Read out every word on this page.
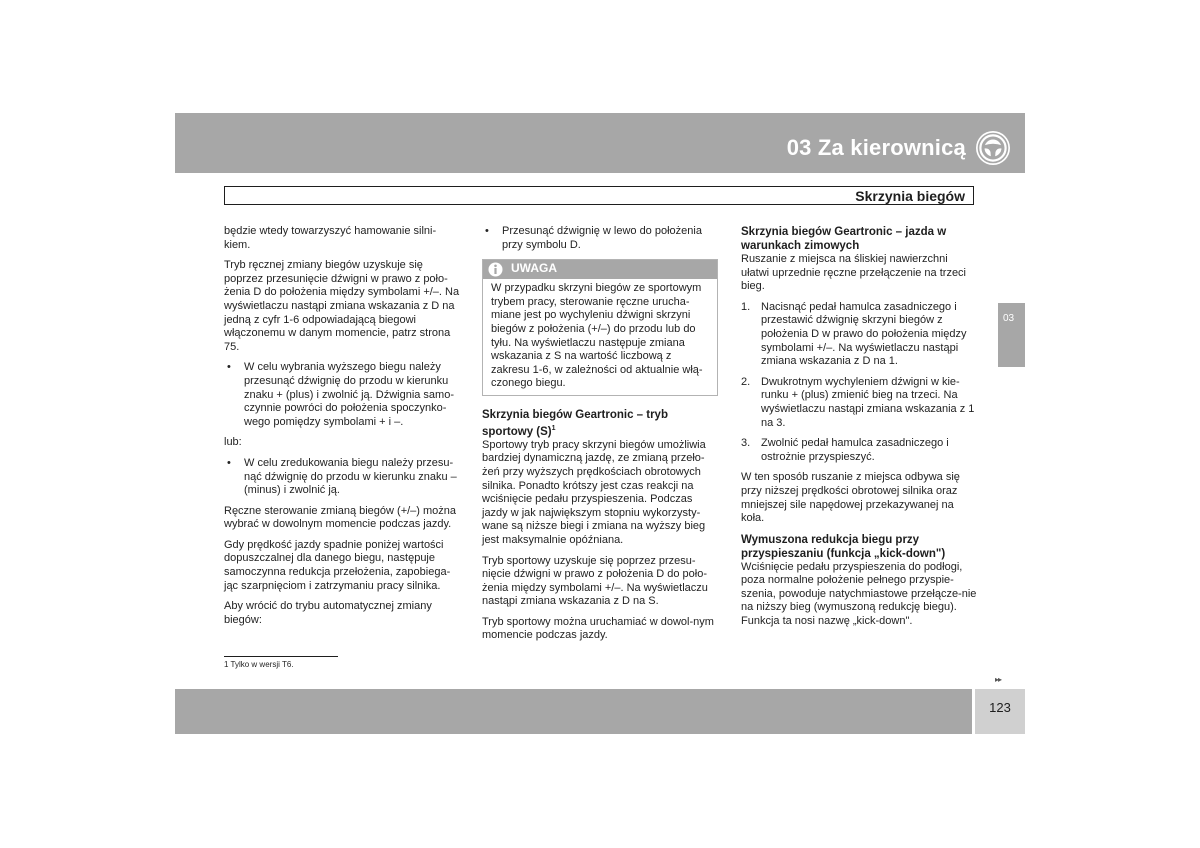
03 Za kierownicą
Skrzynia biegów

będzie wtedy towarzyszyć hamowanie silni-kiem.

Tryb ręcznej zmiany biegów uzyskuje się poprzez przesunięcie dźwigni w prawo z poło-żenia D do położenia między symbolami +/–. Na wyświetlaczu nastąpi zmiana wskazania z D na jedną z cyfr 1-6 odpowiadającą biegowi włączonemu w danym momencie, patrz strona 75.

• W celu wybrania wyższego biegu należy przesunąć dźwignię do przodu w kierunku znaku + (plus) i zwolnić ją. Dźwignia samo-czynnie powróci do położenia spoczynko-wego pomiędzy symbolami + i –.

lub:

• W celu zredukowania biegu należy przesu-nąć dźwignię do przodu w kierunku znaku – (minus) i zwolnić ją.

Ręczne sterowanie zmianą biegów (+/–) można wybrać w dowolnym momencie podczas jazdy.

Gdy prędkość jazdy spadnie poniżej wartości dopuszczalnej dla danego biegu, następuje samoczynna redukcja przełożenia, zapobiega-jąc szarpnięciom i zatrzymaniu pracy silnika.

Aby wrócić do trybu automatycznej zmiany biegów:

• Przesunąć dźwignię w lewo do położenia przy symbolu D.
UWAGA
W przypadku skrzyni biegów ze sportowym trybem pracy, sterowanie ręczne urucha-miane jest po wychyleniu dźwigni skrzyni biegów z położenia (+/–) do przodu lub do tyłu. Na wyświetlaczu następuje zmiana wskazania z S na wartość liczbową z zakresu 1-6, w zależności od aktualnie włą-czonego biegu.
Skrzynia biegów Geartronic – tryb sportowy $(S)^1$

Sportowy tryb pracy skrzyni biegów umożliwia bardziej dynamiczną jazdę, ze zmianą przeło-żeń przy wyższych prędkościach obrotowych silnika. Ponadto krótszy jest czas reakcji na wciśnięcie pedału przyspieszenia. Podczas jazdy w jak największym stopniu wykorzysty-wane są niższe biegi i zmiana na wyższy bieg jest maksymalnie opóźniana.

Tryb sportowy uzyskuje się poprzez przesu-nięcie dźwigni w prawo z położenia D do poło-żenia między symbolami +/–. Na wyświetlaczu nastąpi zmiana wskazania z D na S.

Tryb sportowy można uruchamiać w dowol-nym momencie podczas jazdy.

Skrzynia biegów Geartronic – jazda w warunkach zimowych

Ruszanie z miejsca na śliskiej nawierzchni ułatwi uprzednie ręczne przełączenie na trzeci bieg.

1. Nacisnąć pedał hamulca zasadniczego i przestawić dźwignię skrzyni biegów z położenia D w prawo do położenia między symbolami +/–. Na wyświetlaczu nastąpi zmiana wskazania z D na 1.
2. Dwukrotnym wychyleniem dźwigni w kie-runku + (plus) zmienić bieg na trzeci. Na wyświetlaczu nastąpi zmiana wskazania z 1 na 3.
3. Zwolnić pedał hamulca zasadniczego i ostrożnie przyspieszyć.

W ten sposób ruszanie z miejsca odbywa się przy niższej prędkości obrotowej silnika oraz mniejszej sile napędowej przekazywanej na koła.

Wymuszona redukcja biegu przy przyspieszaniu (funkcja „kick-down")

Wciśnięcie pedału przyspieszenia do podłogi, poza normalne położenie pełnego przyspie-szenia, powoduje natychmiastowe przełącze-nie na niższy bieg (wymuszoną redukcję biegu). Funkcja ta nosi nazwę „kick-down".

03
1 Tylko w wersji T6.
▸▸
123
